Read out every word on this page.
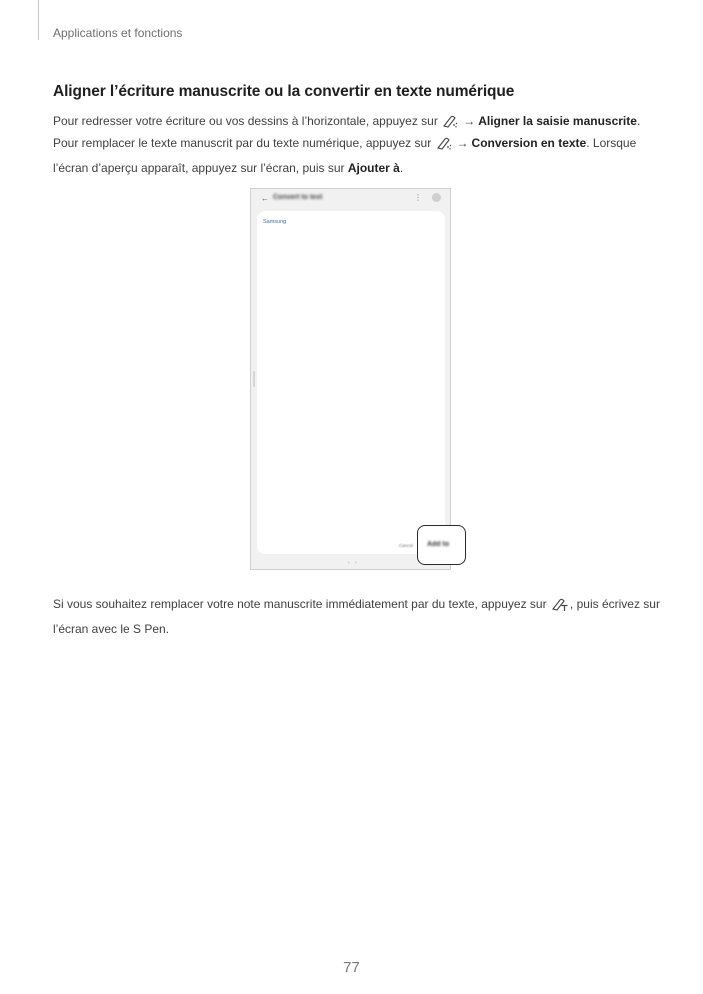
Applications et fonctions
Aligner l’écriture manuscrite ou la convertir en texte numérique

Pour redresser votre écriture ou vos dessins à l’horizontale, appuyez sur → Aligner la saisie manuscrite.

Pour remplacer le texte manuscrit par du texte numérique, appuyez sur → Conversion en texte. Lorsque l’écran d’aperçu apparaît, appuyez sur l’écran, puis sur Ajouter à.

← Convert to text	⋮
Samsung
Cancel
‹ ›
Add to

Si vous souhaitez remplacer votre note manuscrite immédiatement par du texte, appuyez sur , puis écrivez sur l’écran avec le S Pen.

77
